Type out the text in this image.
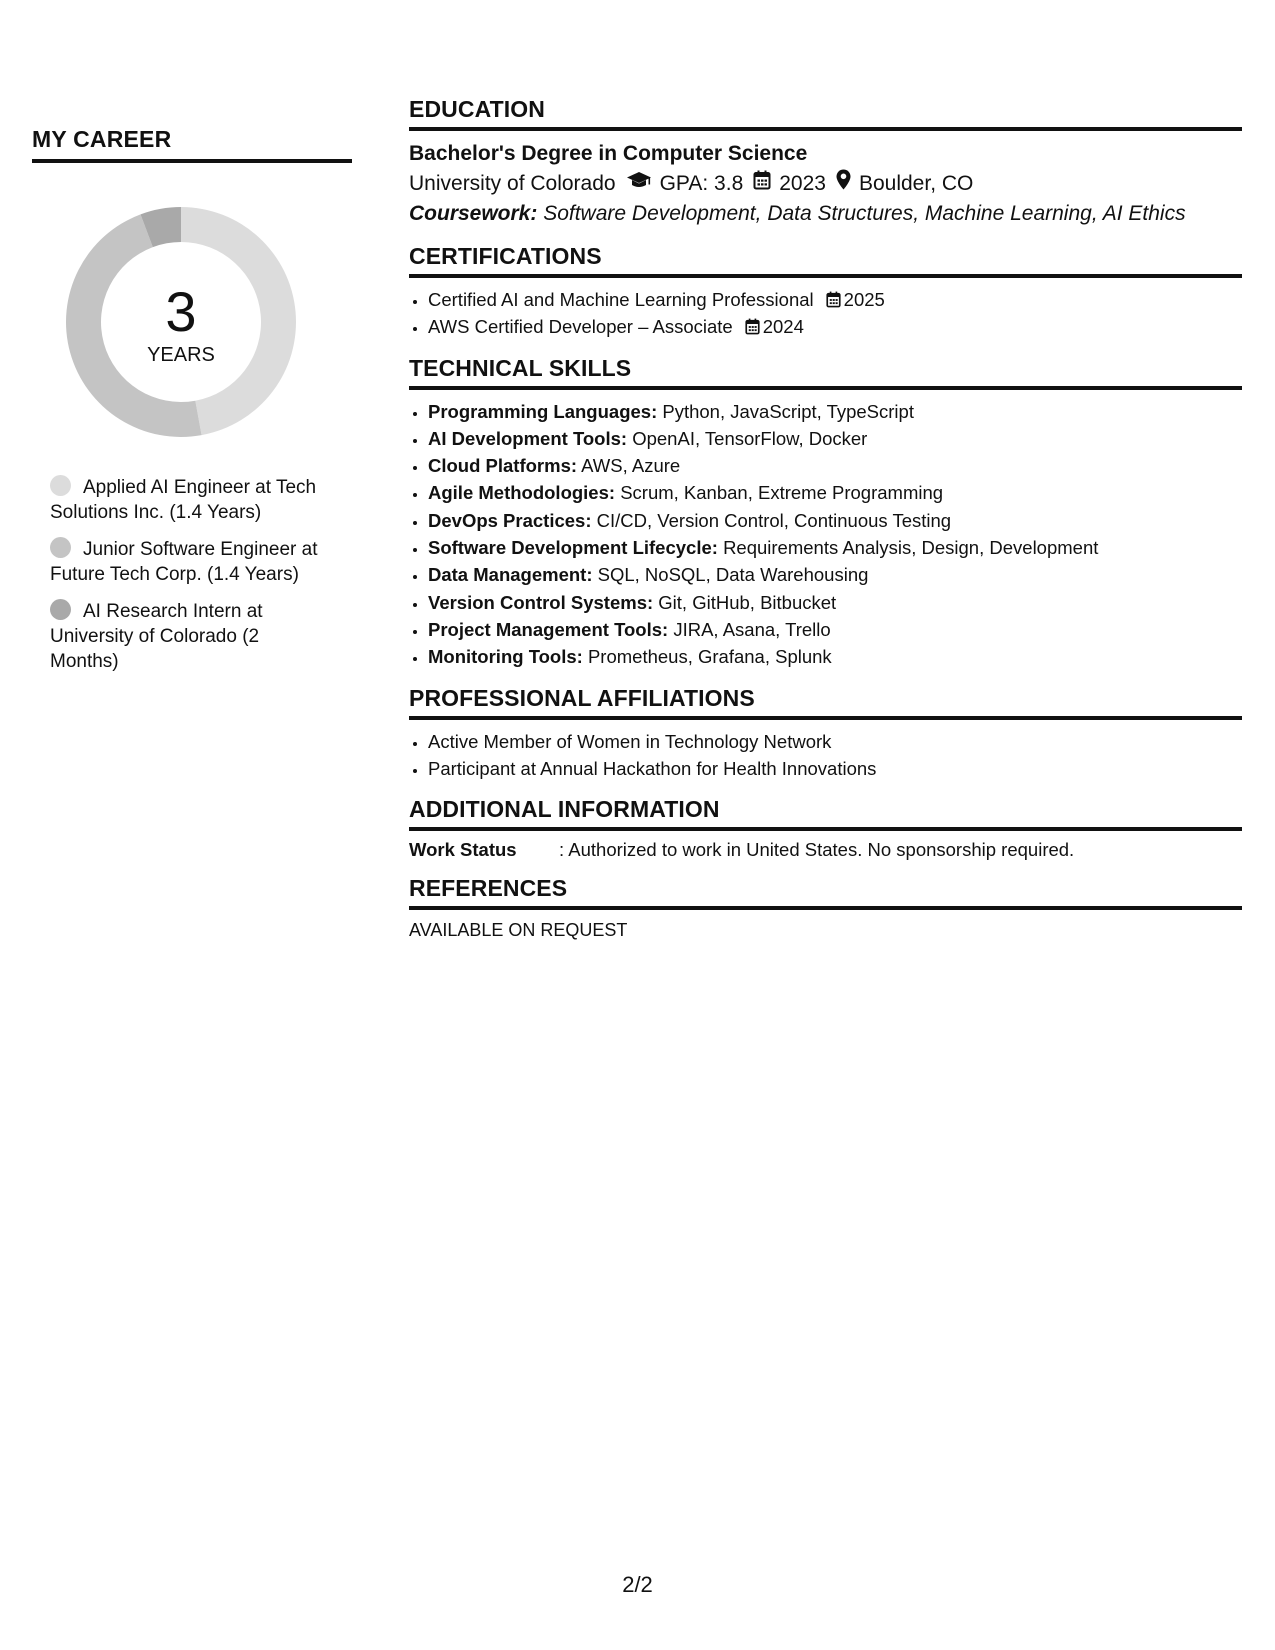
MY CAREER
3
YEARS
Applied AI Engineer at Tech Solutions Inc. (1.4 Years)
Junior Software Engineer at Future Tech Corp. (1.4 Years)
AI Research Intern at University of Colorado (2 Months)
EDUCATION
Bachelor's Degree in Computer Science
University of Colorado GPA: 3.8 2023 Boulder, CO
Coursework: Software Development, Data Structures, Machine Learning, AI Ethics
CERTIFICATIONS
• Certified AI and Machine Learning Professional 2025
• AWS Certified Developer – Associate 2024
TECHNICAL SKILLS
• Programming Languages: Python, JavaScript, TypeScript
• AI Development Tools: OpenAI, TensorFlow, Docker
• Cloud Platforms: AWS, Azure
• Agile Methodologies: Scrum, Kanban, Extreme Programming
• DevOps Practices: CI/CD, Version Control, Continuous Testing
• Software Development Lifecycle: Requirements Analysis, Design, Development
• Data Management: SQL, NoSQL, Data Warehousing
• Version Control Systems: Git, GitHub, Bitbucket
• Project Management Tools: JIRA, Asana, Trello
• Monitoring Tools: Prometheus, Grafana, Splunk
PROFESSIONAL AFFILIATIONS
• Active Member of Women in Technology Network
• Participant at Annual Hackathon for Health Innovations
ADDITIONAL INFORMATION
Work Status	: Authorized to work in United States. No sponsorship required.
REFERENCES
AVAILABLE ON REQUEST
2/2
